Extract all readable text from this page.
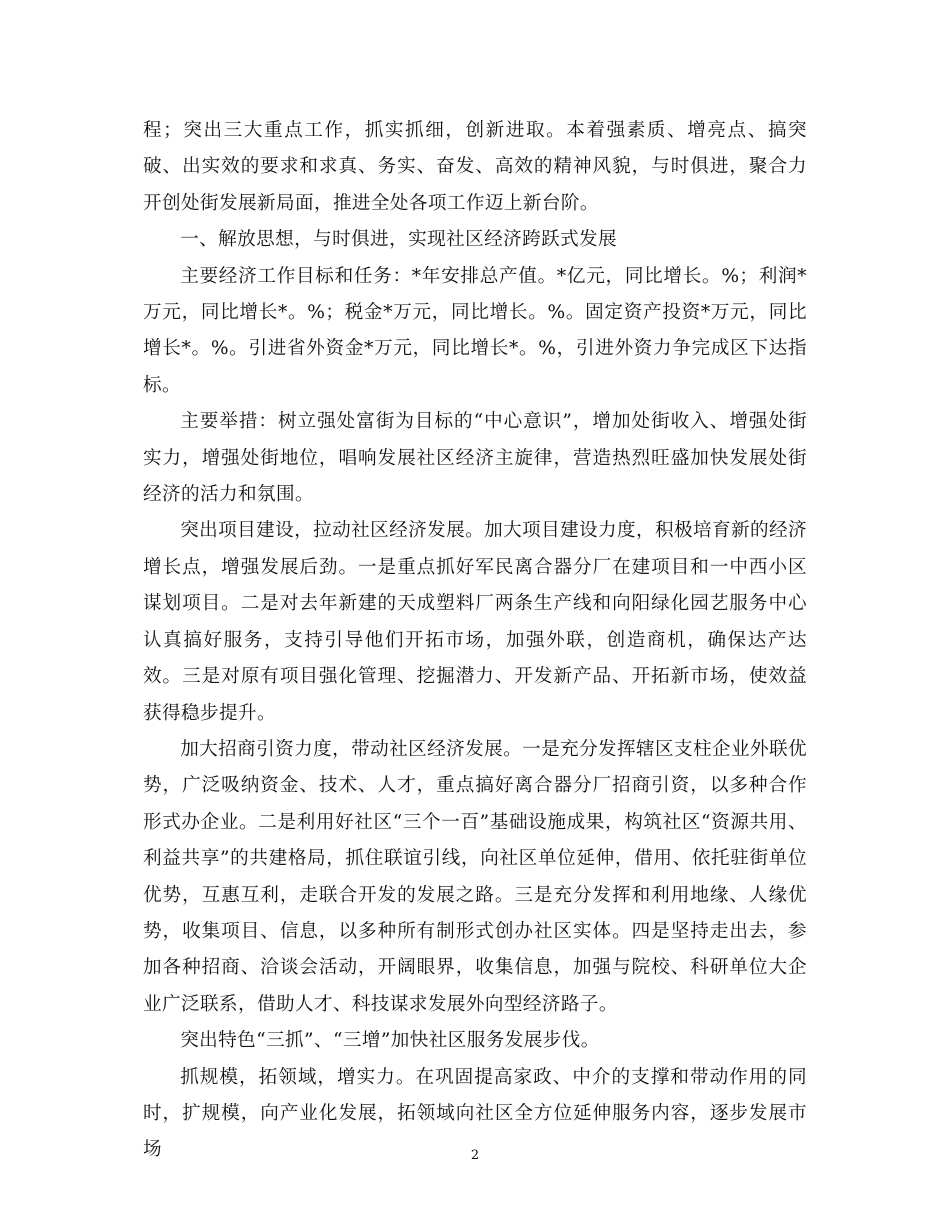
程；突出三大重点工作，抓实抓细，创新进取。本着强素质、增亮点、搞突破、出实效的要求和求真、务实、奋发、高效的精神风貌，与时俱进，聚合力开创处街发展新局面，推进全处各项工作迈上新台阶。

一、解放思想，与时俱进，实现社区经济跨跃式发展

主要经济工作目标和任务：*年安排总产值。*亿元，同比增长。%；利润*万元，同比增长*。%；税金*万元，同比增长。%。固定资产投资*万元，同比增长*。%。引进省外资金*万元，同比增长*。%，引进外资力争完成区下达指标。

主要举措：树立强处富街为目标的“中心意识”，增加处街收入、增强处街实力，增强处街地位，唱响发展社区经济主旋律，营造热烈旺盛加快发展处街经济的活力和氛围。

突出项目建设，拉动社区经济发展。加大项目建设力度，积极培育新的经济增长点，增强发展后劲。一是重点抓好军民离合器分厂在建项目和一中西小区谋划项目。二是对去年新建的天成塑料厂两条生产线和向阳绿化园艺服务中心认真搞好服务，支持引导他们开拓市场，加强外联，创造商机，确保达产达效。三是对原有项目强化管理、挖掘潜力、开发新产品、开拓新市场，使效益获得稳步提升。

加大招商引资力度，带动社区经济发展。一是充分发挥辖区支柱企业外联优势，广泛吸纳资金、技术、人才，重点搞好离合器分厂招商引资，以多种合作形式办企业。二是利用好社区“三个一百”基础设施成果，构筑社区“资源共用、利益共享”的共建格局，抓住联谊引线，向社区单位延伸，借用、依托驻街单位优势，互惠互利，走联合开发的发展之路。三是充分发挥和利用地缘、人缘优势，收集项目、信息，以多种所有制形式创办社区实体。四是坚持走出去，参加各种招商、洽谈会活动，开阔眼界，收集信息，加强与院校、科研单位大企业广泛联系，借助人才、科技谋求发展外向型经济路子。

突出特色“三抓”、“三增”加快社区服务发展步伐。

抓规模，拓领域，增实力。在巩固提高家政、中介的支撑和带动作用的同时，扩规模，向产业化发展，拓领域向社区全方位延伸服务内容，逐步发展市场	2
